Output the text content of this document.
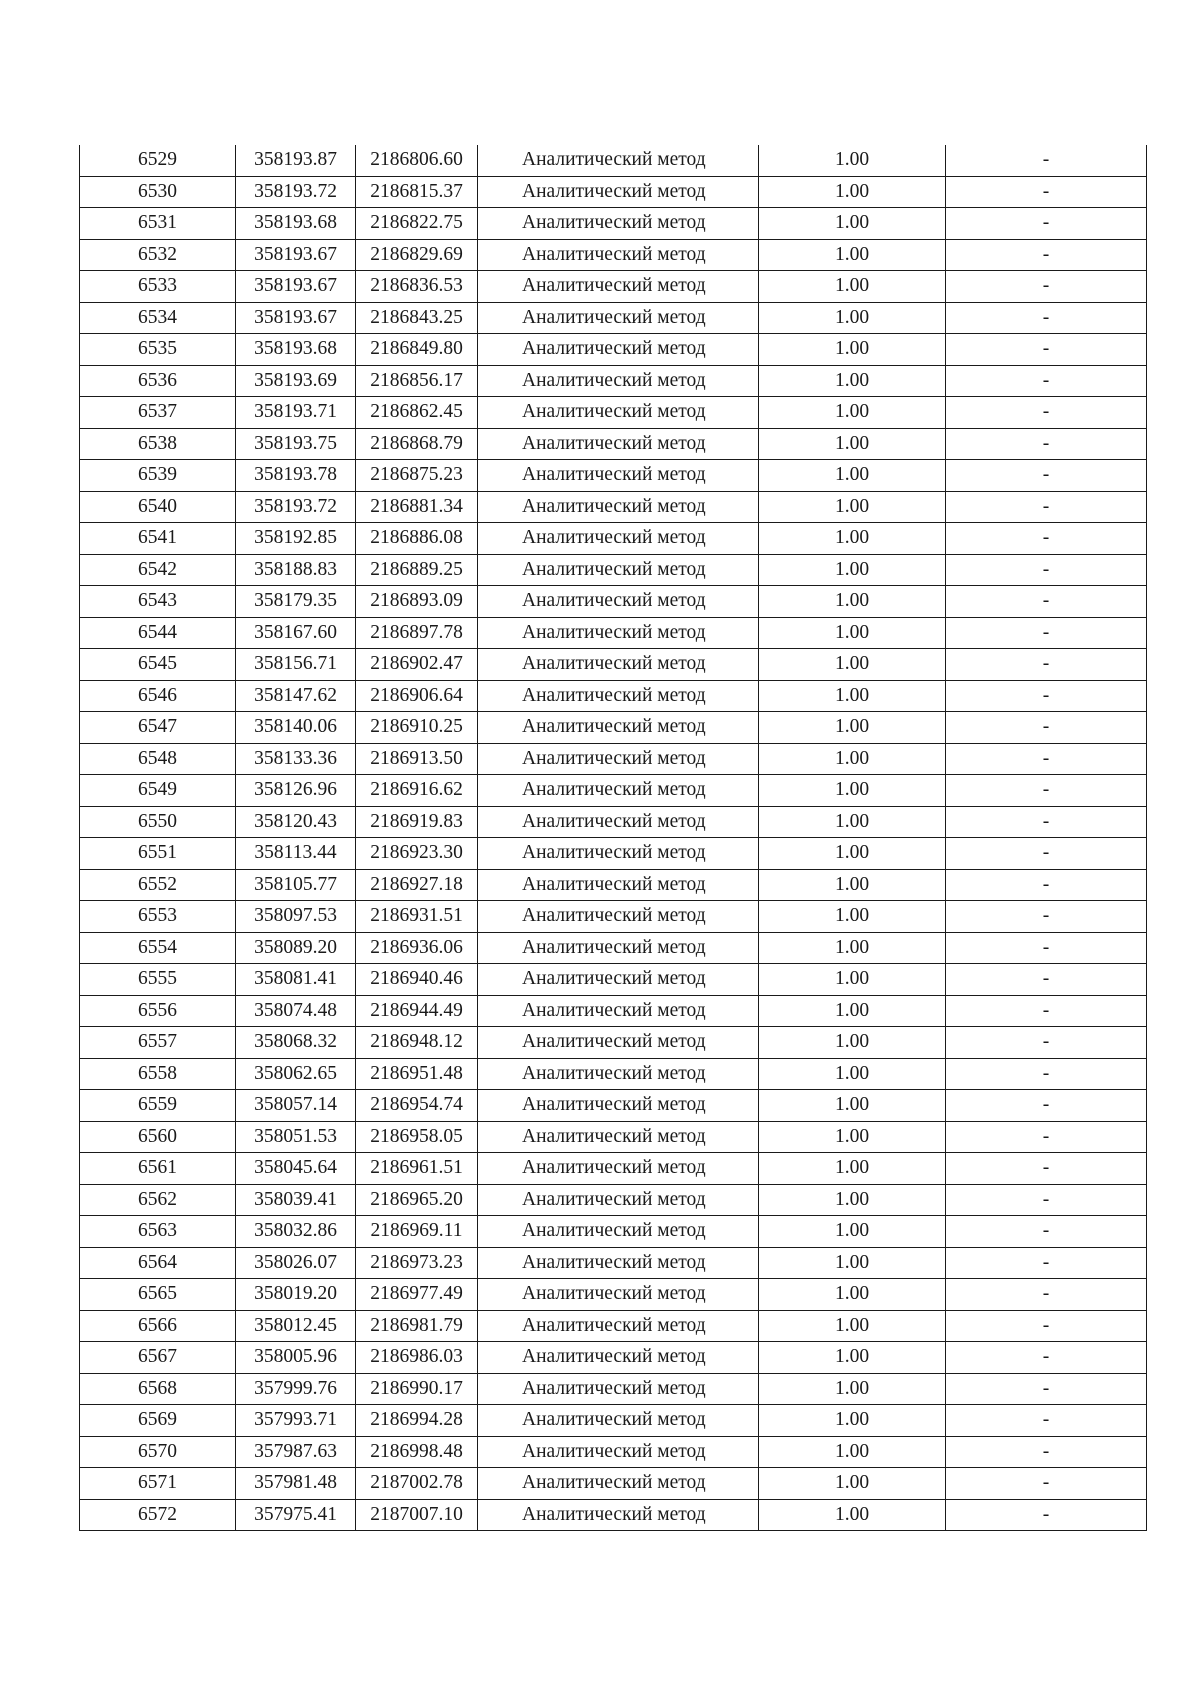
6529	358193.87	2186806.60	Аналитический метод	1.00	-
6530	358193.72	2186815.37	Аналитический метод	1.00	-
6531	358193.68	2186822.75	Аналитический метод	1.00	-
6532	358193.67	2186829.69	Аналитический метод	1.00	-
6533	358193.67	2186836.53	Аналитический метод	1.00	-
6534	358193.67	2186843.25	Аналитический метод	1.00	-
6535	358193.68	2186849.80	Аналитический метод	1.00	-
6536	358193.69	2186856.17	Аналитический метод	1.00	-
6537	358193.71	2186862.45	Аналитический метод	1.00	-
6538	358193.75	2186868.79	Аналитический метод	1.00	-
6539	358193.78	2186875.23	Аналитический метод	1.00	-
6540	358193.72	2186881.34	Аналитический метод	1.00	-
6541	358192.85	2186886.08	Аналитический метод	1.00	-
6542	358188.83	2186889.25	Аналитический метод	1.00	-
6543	358179.35	2186893.09	Аналитический метод	1.00	-
6544	358167.60	2186897.78	Аналитический метод	1.00	-
6545	358156.71	2186902.47	Аналитический метод	1.00	-
6546	358147.62	2186906.64	Аналитический метод	1.00	-
6547	358140.06	2186910.25	Аналитический метод	1.00	-
6548	358133.36	2186913.50	Аналитический метод	1.00	-
6549	358126.96	2186916.62	Аналитический метод	1.00	-
6550	358120.43	2186919.83	Аналитический метод	1.00	-
6551	358113.44	2186923.30	Аналитический метод	1.00	-
6552	358105.77	2186927.18	Аналитический метод	1.00	-
6553	358097.53	2186931.51	Аналитический метод	1.00	-
6554	358089.20	2186936.06	Аналитический метод	1.00	-
6555	358081.41	2186940.46	Аналитический метод	1.00	-
6556	358074.48	2186944.49	Аналитический метод	1.00	-
6557	358068.32	2186948.12	Аналитический метод	1.00	-
6558	358062.65	2186951.48	Аналитический метод	1.00	-
6559	358057.14	2186954.74	Аналитический метод	1.00	-
6560	358051.53	2186958.05	Аналитический метод	1.00	-
6561	358045.64	2186961.51	Аналитический метод	1.00	-
6562	358039.41	2186965.20	Аналитический метод	1.00	-
6563	358032.86	2186969.11	Аналитический метод	1.00	-
6564	358026.07	2186973.23	Аналитический метод	1.00	-
6565	358019.20	2186977.49	Аналитический метод	1.00	-
6566	358012.45	2186981.79	Аналитический метод	1.00	-
6567	358005.96	2186986.03	Аналитический метод	1.00	-
6568	357999.76	2186990.17	Аналитический метод	1.00	-
6569	357993.71	2186994.28	Аналитический метод	1.00	-
6570	357987.63	2186998.48	Аналитический метод	1.00	-
6571	357981.48	2187002.78	Аналитический метод	1.00	-
6572	357975.41	2187007.10	Аналитический метод	1.00	-
